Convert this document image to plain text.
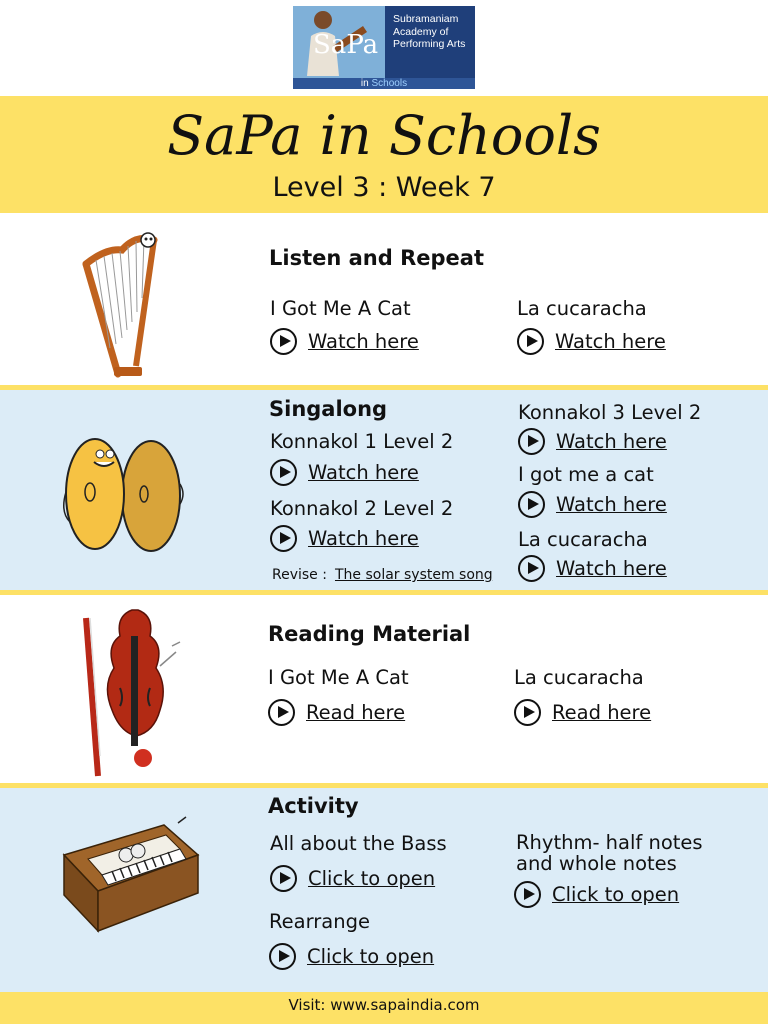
SaPa
Subramaniam Academy of Performing Arts
in Schools
SaPa in Schools
Level 3 : Week 7
Listen and Repeat
I Got Me A Cat
Watch here
La cucaracha
Watch here
Singalong
Konnakol 1 Level 2
Watch here
Konnakol 2 Level 2
Watch here
Revise : The solar system song
Konnakol 3 Level 2
Watch here
I got me a cat
Watch here
La cucaracha
Watch here
Reading Material
I Got Me A Cat
Read here
La cucaracha
Read here
Activity
All about the Bass
Click to open
Rearrange
Click to open
Rhythm- half notes
and whole notes
Click to open
Visit: www.sapaindia.com
